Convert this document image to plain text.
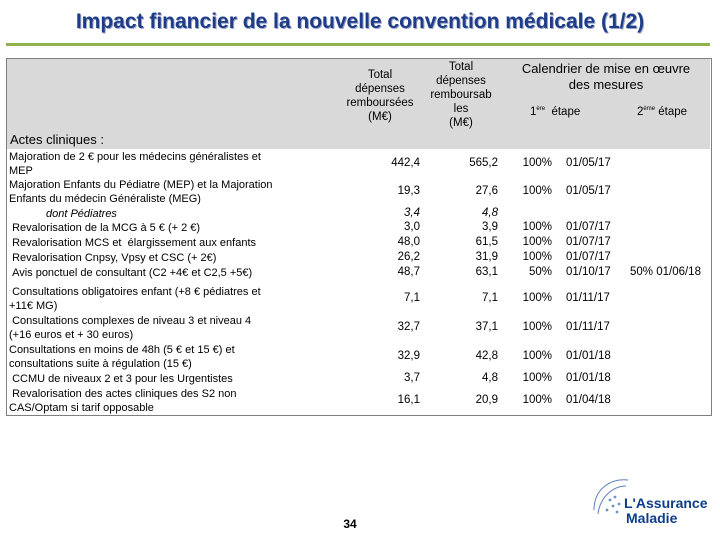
Impact financier de la nouvelle convention médicale (1/2)
Total
dépenses
remboursées
(M€)
Total
dépenses
remboursab
les
(M€)
Calendrier de mise en œuvre
des mesures
1ère étape	2ème étape
Actes cliniques :
Majoration de 2 € pour les médecins généralistes et
MEP
442,4	565,2	100% 01/05/17
Majoration Enfants du Pédiatre (MEP) et la Majoration
Enfants du médecin Généraliste (MEG)
19,3	27,6	100% 01/05/17
dont Pédiatres	3,4	4,8
Revalorisation de la MCG à 5 € (+ 2 €)	3,0	3,9	100% 01/07/17
Revalorisation MCS et  élargissement aux enfants	48,0	61,5	100% 01/07/17
Revalorisation Cnpsy, Vpsy et CSC (+ 2€)	26,2	31,9	100% 01/07/17
Avis ponctuel de consultant (C2 +4€ et C2,5 +5€)	48,7	63,1	50% 01/10/17	50% 01/06/18
Consultations obligatoires enfant (+8 € pédiatres et
+11€ MG)
7,1	7,1	100% 01/11/17
Consultations complexes de niveau 3 et niveau 4
(+16 euros et + 30 euros)
32,7	37,1	100% 01/11/17
Consultations en moins de 48h (5 € et 15 €) et
consultations suite à régulation (15 €)
32,9	42,8	100% 01/01/18
CCMU de niveaux 2 et 3 pour les Urgentistes	3,7	4,8	100% 01/01/18
Revalorisation des actes cliniques des S2 non
CAS/Optam si tarif opposable
16,1	20,9	100% 01/04/18
34
L'Assurance
Maladie
